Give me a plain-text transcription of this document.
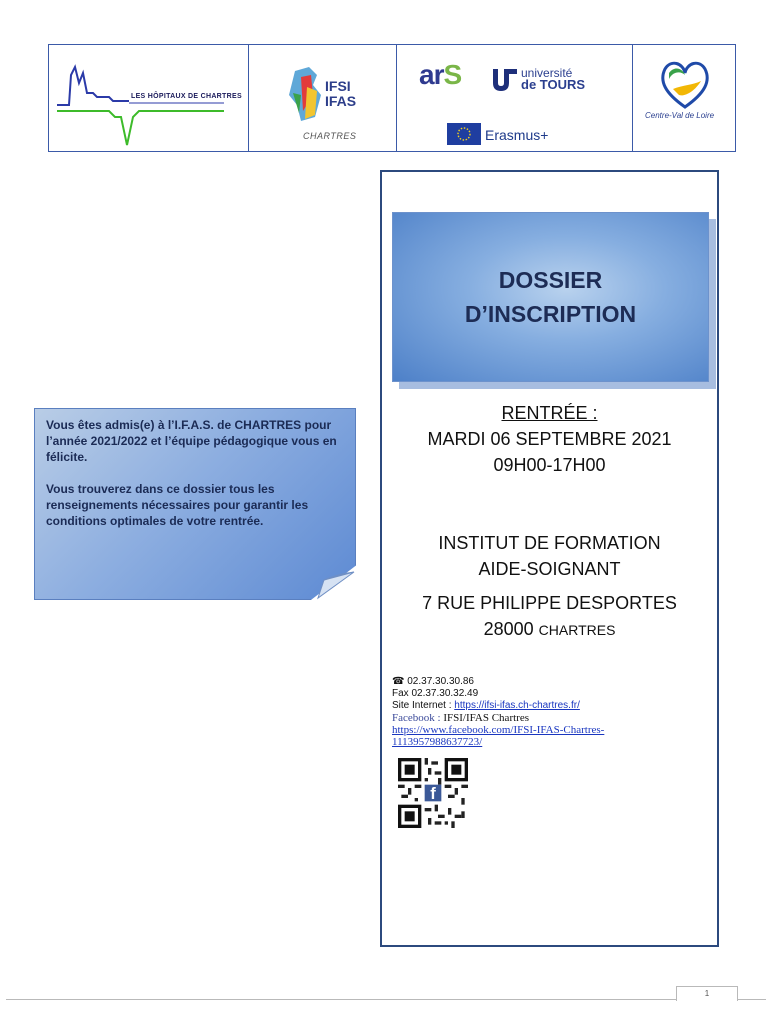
LES HÔPITAUX DE CHARTRES
IFSI
IFAS
CHARTRES
arS	université
de TOURS
Erasmus+
Centre-Val de Loire
DOSSIER
D’INSCRIPTION
RENTRÉE :
MARDI 06 SEPTEMBRE 2021
09H00-17H00
INSTITUT DE FORMATION
AIDE-SOIGNANT
7 RUE PHILIPPE DESPORTES
28000 CHARTRES
☎ 02.37.30.30.86
Fax 02.37.30.32.49
Site Internet : https://ifsi-ifas.ch-chartres.fr/
Facebook : IFSI/IFAS Chartres
https://www.facebook.com/IFSI-IFAS-Chartres-
1113957988637723/
f

Vous êtes admis(e) à l’I.F.A.S. de CHARTRES pour l’année 2021/2022 et l’équipe pédagogique vous en félicite.

Vous trouverez dans ce dossier tous les renseignements nécessaires pour garantir les conditions optimales de votre rentrée.

1
